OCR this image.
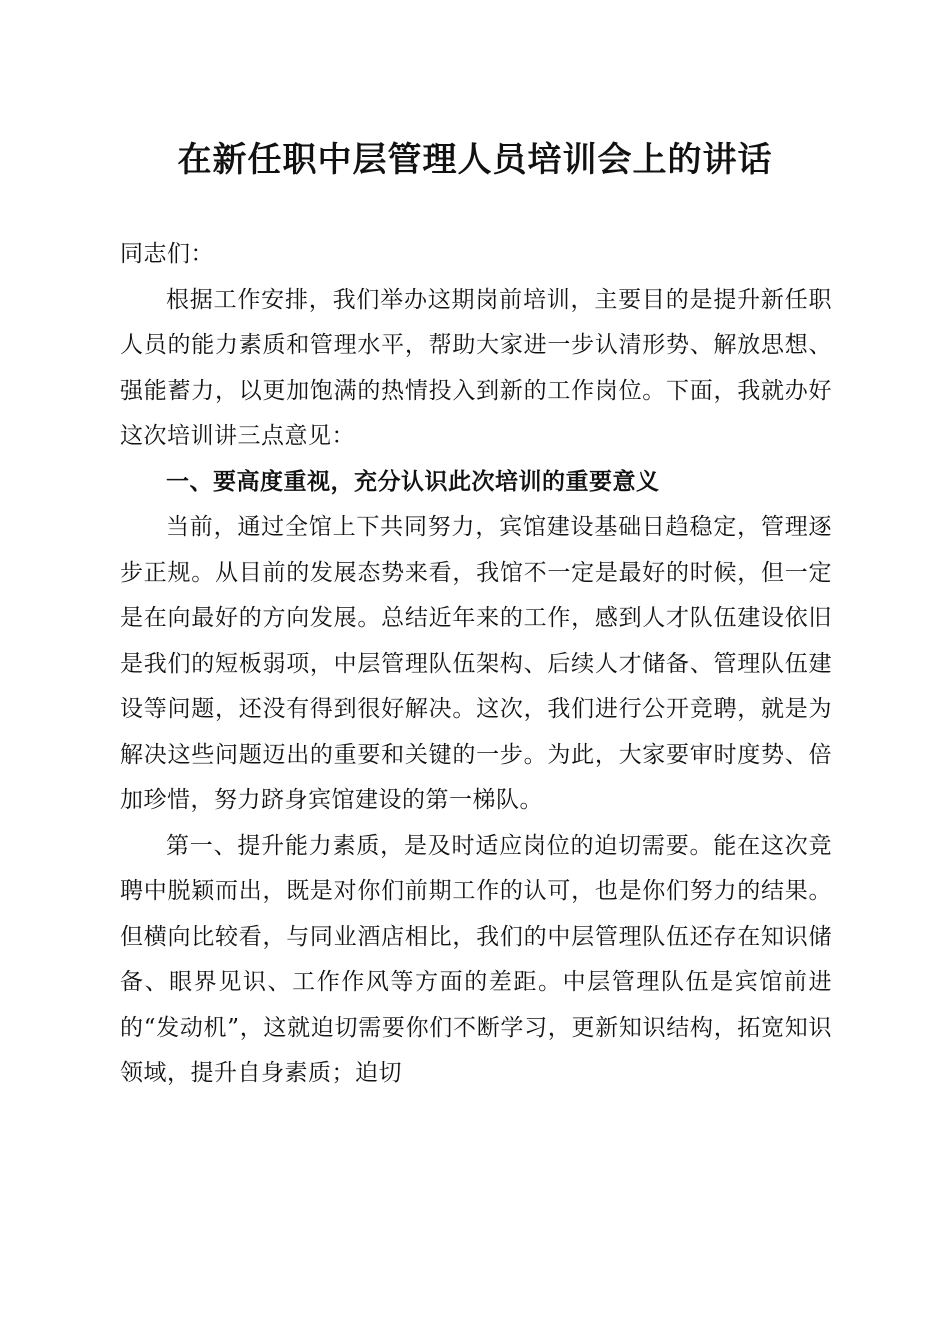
在新任职中层管理人员培训会上的讲话

同志们：

根据工作安排，我们举办这期岗前培训，主要目的是提升新任职人员的能力素质和管理水平，帮助大家进一步认清形势、解放思想、强能蓄力，以更加饱满的热情投入到新的工作岗位。下面，我就办好这次培训讲三点意见：

一、要高度重视，充分认识此次培训的重要意义

当前，通过全馆上下共同努力，宾馆建设基础日趋稳定，管理逐步正规。从目前的发展态势来看，我馆不一定是最好的时候，但一定是在向最好的方向发展。总结近年来的工作，感到人才队伍建设依旧是我们的短板弱项，中层管理队伍架构、后续人才储备、管理队伍建设等问题，还没有得到很好解决。这次，我们进行公开竞聘，就是为解决这些问题迈出的重要和关键的一步。为此，大家要审时度势、倍加珍惜，努力跻身宾馆建设的第一梯队。

第一、提升能力素质，是及时适应岗位的迫切需要。能在这次竞聘中脱颖而出，既是对你们前期工作的认可，也是你们努力的结果。但横向比较看，与同业酒店相比，我们的中层管理队伍还存在知识储备、眼界见识、工作作风等方面的差距。中层管理队伍是宾馆前进的“发动机”，这就迫切需要你们不断学习，更新知识结构，拓宽知识领域，提升自身素质；迫切
